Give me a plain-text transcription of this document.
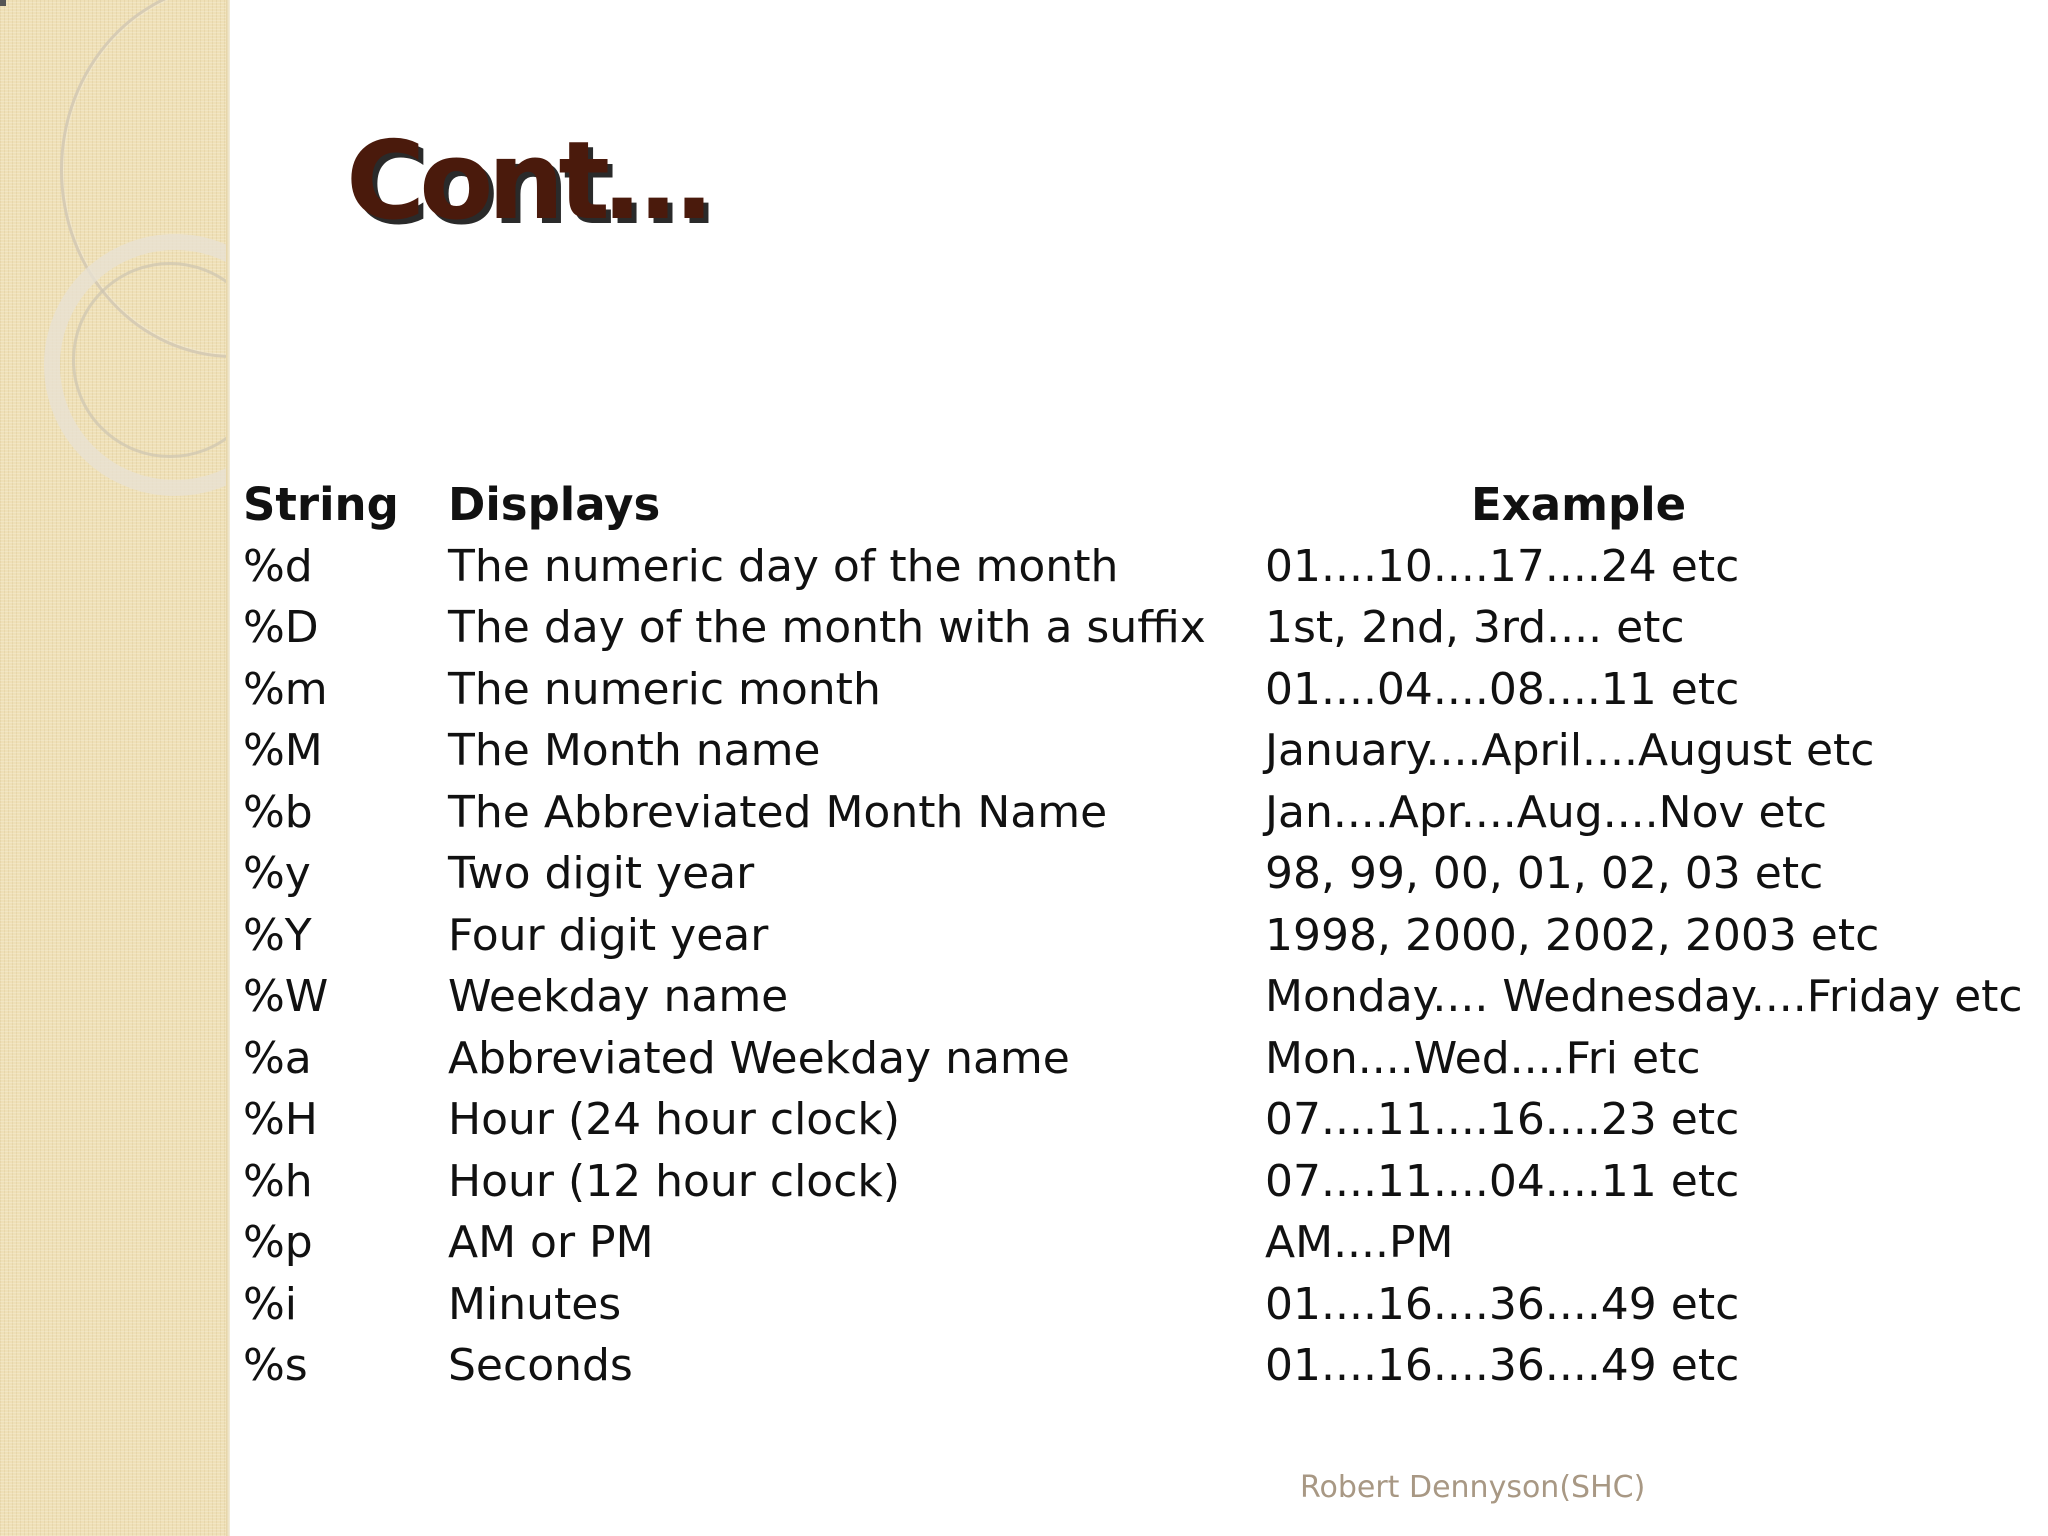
Cont…
String	Displays	Example
%d	The numeric day of the month	01....10....17....24 etc
%D	The day of the month with a suffix	1st, 2nd, 3rd.... etc
%m	The numeric month	01....04....08....11 etc
%M	The Month name	January....April....August etc
%b	The Abbreviated Month Name	Jan....Apr....Aug....Nov etc
%y	Two digit year	98, 99, 00, 01, 02, 03 etc
%Y	Four digit year	1998, 2000, 2002, 2003 etc
%W	Weekday name	Monday.... Wednesday....Friday etc
%a	Abbreviated Weekday name	Mon....Wed....Fri etc
%H	Hour (24 hour clock)	07....11....16....23 etc
%h	Hour (12 hour clock)	07....11....04....11 etc
%p	AM or PM	AM....PM
%i	Minutes	01....16....36....49 etc
%s	Seconds	01....16....36....49 etc
Robert Dennyson(SHC)
